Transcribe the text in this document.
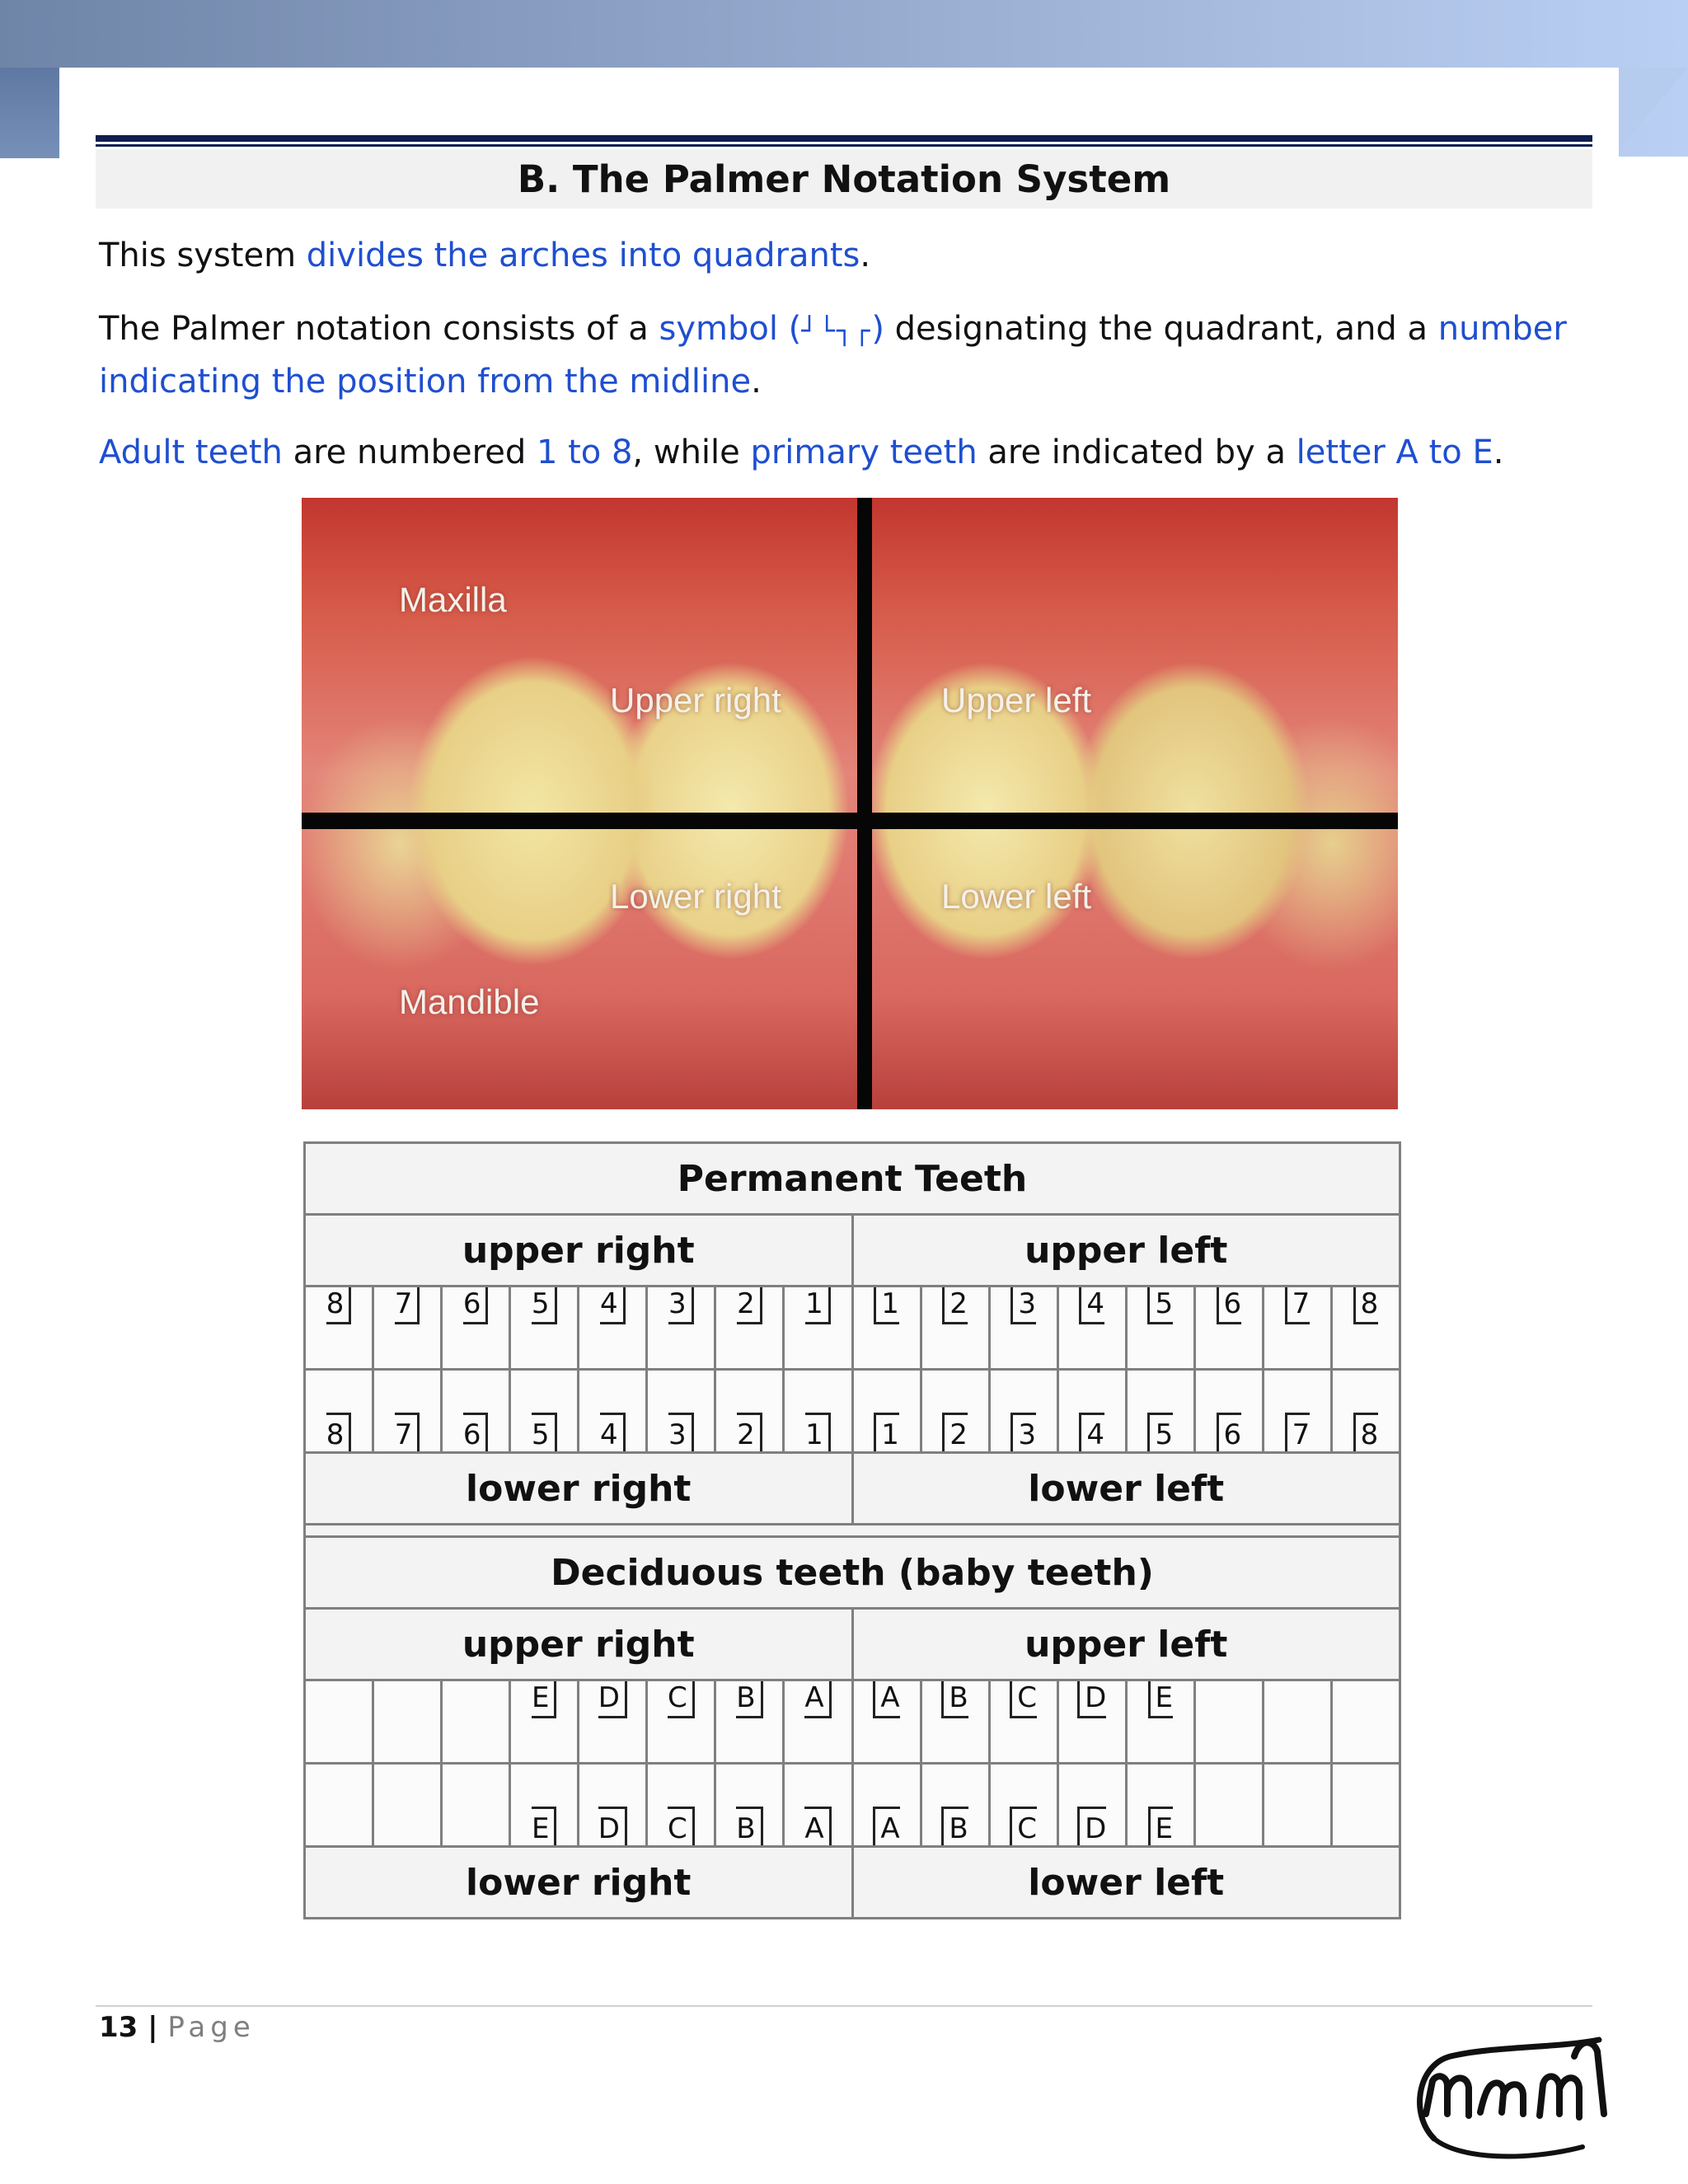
B. The Palmer Notation System
This system divides the arches into quadrants.
The Palmer notation consists of a symbol (┘└┐┌) designating the quadrant, and a number indicating the position from the midline.
Adult teeth are numbered 1 to 8, while primary teeth are indicated by a letter A to E.
Maxilla
Upper right	Upper left
Lower right	Lower left
Mandible
Permanent Teeth															
upper right								upper left							
8	7	6	5	4	3	2	1	1	2	3	4	5	6	7	8
8	7	6	5	4	3	2	1	1	2	3	4	5	6	7	8
lower right								lower left							

Deciduous teeth (baby teeth)															
upper right								upper left							
			E	D	C	B	A	A	B	C	D	E			
			E	D	C	B	A	A	B	C	D	E			
lower right								lower left							
13 | Page
